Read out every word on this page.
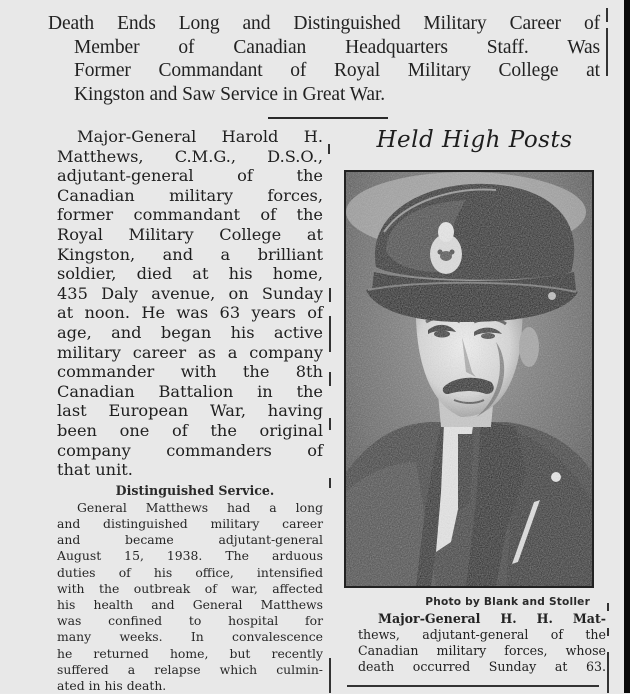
Death Ends Long and Distinguished Military Career of
Member of Canadian Headquarters Staff. Was
Former Commandant of Royal Military College at
Kingston and Saw Service in Great War.

Major-General Harold H.
Matthews, C.M.G., D.S.O.,
adjutant-general of the
Canadian military forces,
former commandant of the
Royal Military College at
Kingston, and a brilliant
soldier, died at his home,
435 Daly avenue, on Sunday
at noon. He was 63 years of
age, and began his active
military career as a company
commander with the 8th
Canadian Battalion in the
last European War, having
been one of the original
company commanders of
that unit.

Distinguished Service.

General Matthews had a long
and distinguished military career
and became adjutant-general
August 15, 1938. The arduous
duties of his office, intensified
with the outbreak of war, affected
his health and General Matthews
was confined to hospital for
many weeks. In convalescence
he returned home, but recently
suffered a relapse which culmin-
ated in his death.

Held High Posts
Photo by Blank and Stoller
Major-General H. H. Mat-
thews, adjutant-general of the
Canadian military forces, whose
death occurred Sunday at 63.
